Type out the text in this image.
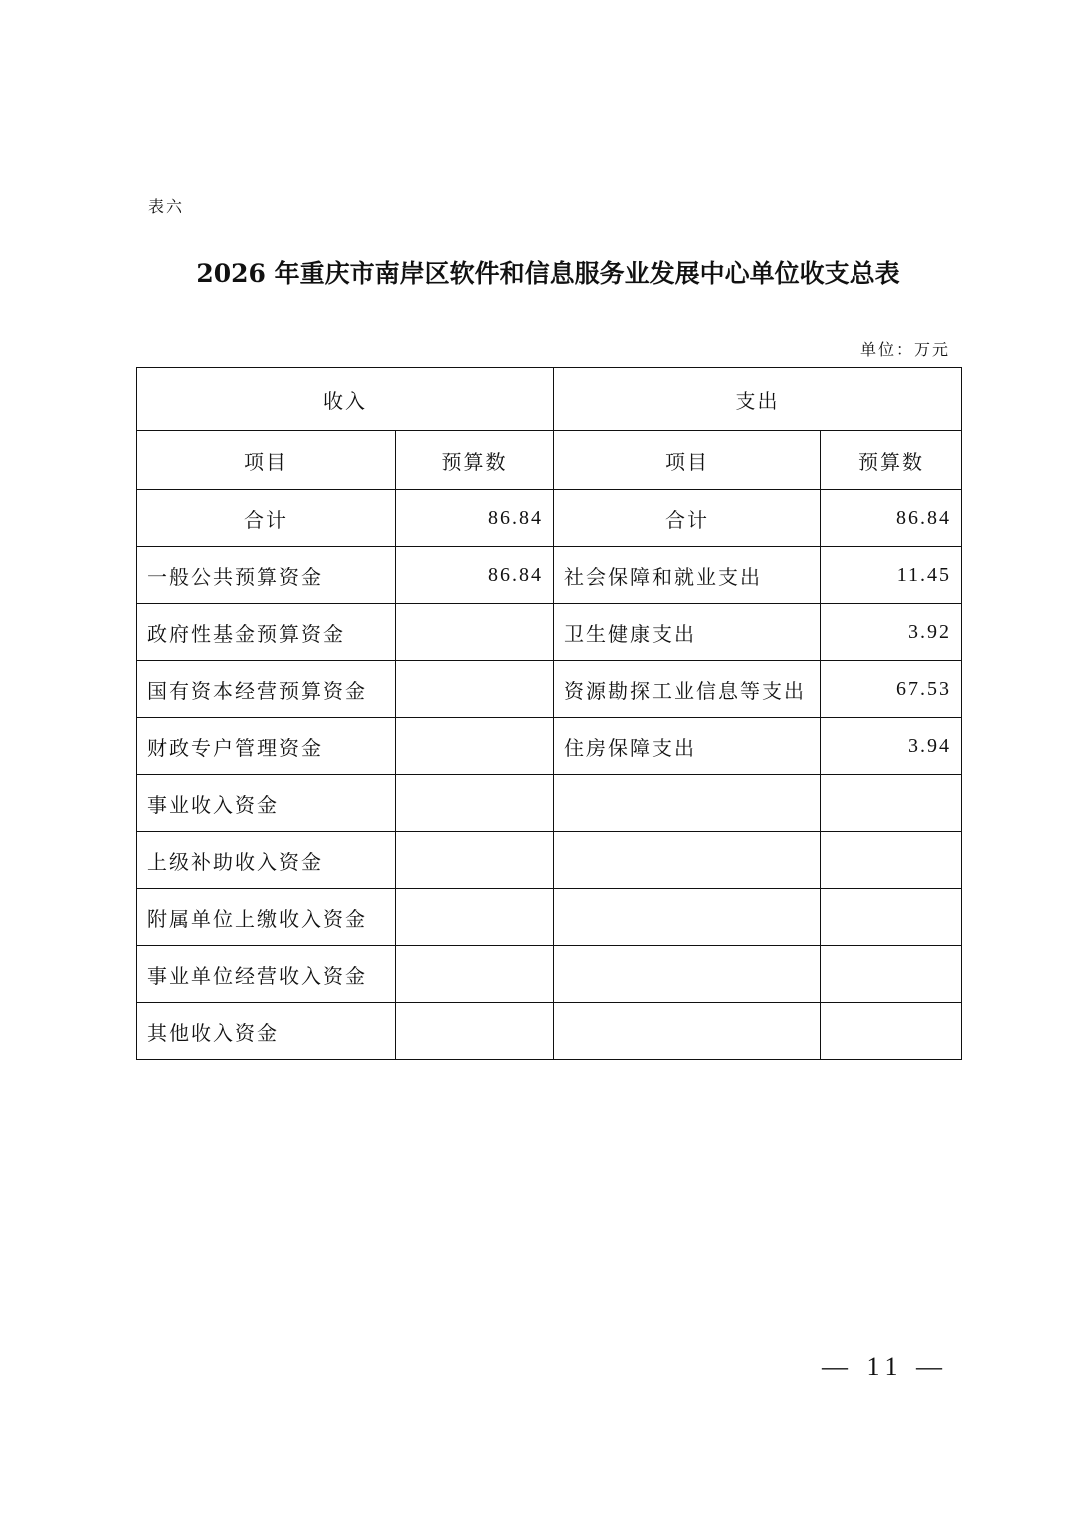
表六
2026 年重庆市南岸区软件和信息服务业发展中心单位收支总表
单位：万元
收入		支出	
项目	预算数	项目	预算数
合计	86.84	合计	86.84
一般公共预算资金	86.84	社会保障和就业支出	11.45
政府性基金预算资金		卫生健康支出	3.92
国有资本经营预算资金		资源勘探工业信息等支出	67.53
财政专户管理资金		住房保障支出	3.94
事业收入资金			
上级补助收入资金			
附属单位上缴收入资金			
事业单位经营收入资金			
其他收入资金			
— 11 —
